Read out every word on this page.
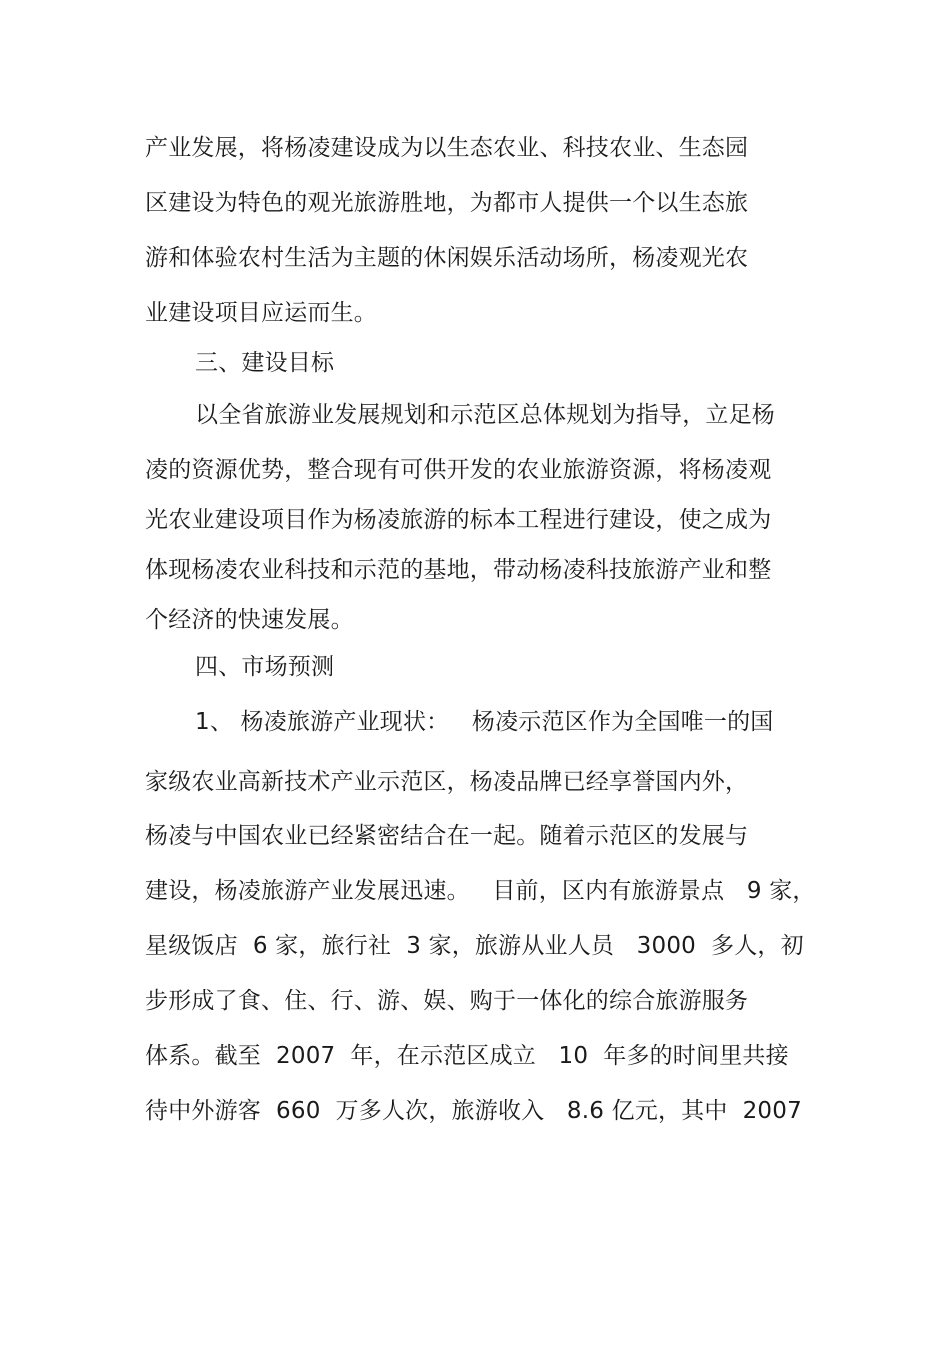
产业发展，将杨凌建设成为以生态农业、科技农业、生态园
区建设为特色的观光旅游胜地，为都市人提供一个以生态旅
游和体验农村生活为主题的休闲娱乐活动场所，杨凌观光农
业建设项目应运而生。
三、建设目标
以全省旅游业发展规划和示范区总体规划为指导，立足杨
凌的资源优势，整合现有可供开发的农业旅游资源，将杨凌观
光农业建设项目作为杨凌旅游的标本工程进行建设，使之成为
体现杨凌农业科技和示范的基地，带动杨凌科技旅游产业和整
个经济的快速发展。
四、市场预测
1、 杨凌旅游产业现状：   杨凌示范区作为全国唯一的国
家级农业高新技术产业示范区，杨凌品牌已经享誉国内外，
杨凌与中国农业已经紧密结合在一起。随着示范区的发展与
建设，杨凌旅游产业发展迅速。   目前，区内有旅游景点   9 家，
星级饭店  6 家，旅行社  3 家，旅游从业人员   3000  多人，初
步形成了食、住、行、游、娱、购于一体化的综合旅游服务
体系。截至  2007  年，在示范区成立   10  年多的时间里共接
待中外游客  660  万多人次，旅游收入   8.6 亿元，其中  2007
